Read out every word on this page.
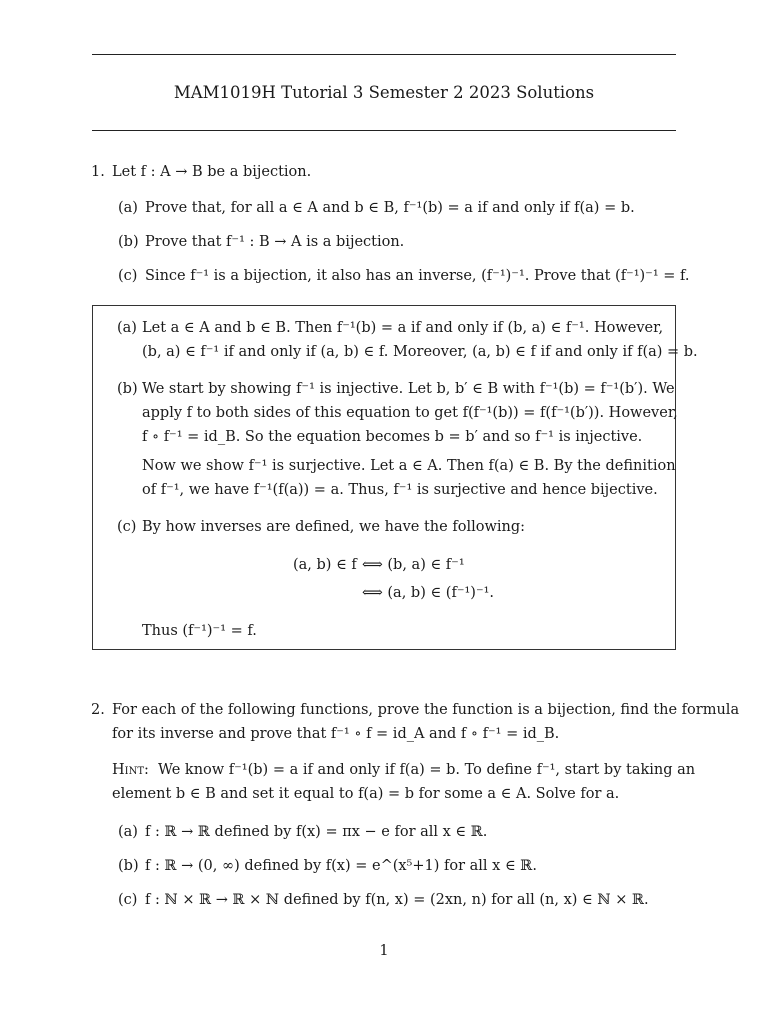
MAM1019H Tutorial 3 Semester 2 2023 Solutions
1. Let f : A → B be a bijection.
(a) Prove that, for all a ∈ A and b ∈ B, f⁻¹(b) = a if and only if f(a) = b.
(b) Prove that f⁻¹ : B → A is a bijection.
(c) Since f⁻¹ is a bijection, it also has an inverse, (f⁻¹)⁻¹. Prove that (f⁻¹)⁻¹ = f.
(a) Let a ∈ A and b ∈ B. Then f⁻¹(b) = a if and only if (b, a) ∈ f⁻¹. However,
(b, a) ∈ f⁻¹ if and only if (a, b) ∈ f. Moreover, (a, b) ∈ f if and only if f(a) = b.
(b) We start by showing f⁻¹ is injective. Let b, b′ ∈ B with f⁻¹(b) = f⁻¹(b′). We
apply f to both sides of this equation to get f(f⁻¹(b)) = f(f⁻¹(b′)). However,
f ∘ f⁻¹ = id_B. So the equation becomes b = b′ and so f⁻¹ is injective.
Now we show f⁻¹ is surjective. Let a ∈ A. Then f(a) ∈ B. By the definition
of f⁻¹, we have f⁻¹(f(a)) = a. Thus, f⁻¹ is surjective and hence bijective.
(c) By how inverses are defined, we have the following:
(a, b) ∈ f ⟺ (b, a) ∈ f⁻¹
⟺ (a, b) ∈ (f⁻¹)⁻¹.
Thus (f⁻¹)⁻¹ = f.
2. For each of the following functions, prove the function is a bijection, find the formula
for its inverse and prove that f⁻¹ ∘ f = id_A and f ∘ f⁻¹ = id_B.
Hint: We know f⁻¹(b) = a if and only if f(a) = b. To define f⁻¹, start by taking an
element b ∈ B and set it equal to f(a) = b for some a ∈ A. Solve for a.
(a) f : ℝ → ℝ defined by f(x) = πx − e for all x ∈ ℝ.
(b) f : ℝ → (0, ∞) defined by f(x) = e^(x⁵+1) for all x ∈ ℝ.
(c) f : ℕ × ℝ → ℝ × ℕ defined by f(n, x) = (2xn, n) for all (n, x) ∈ ℕ × ℝ.
1
